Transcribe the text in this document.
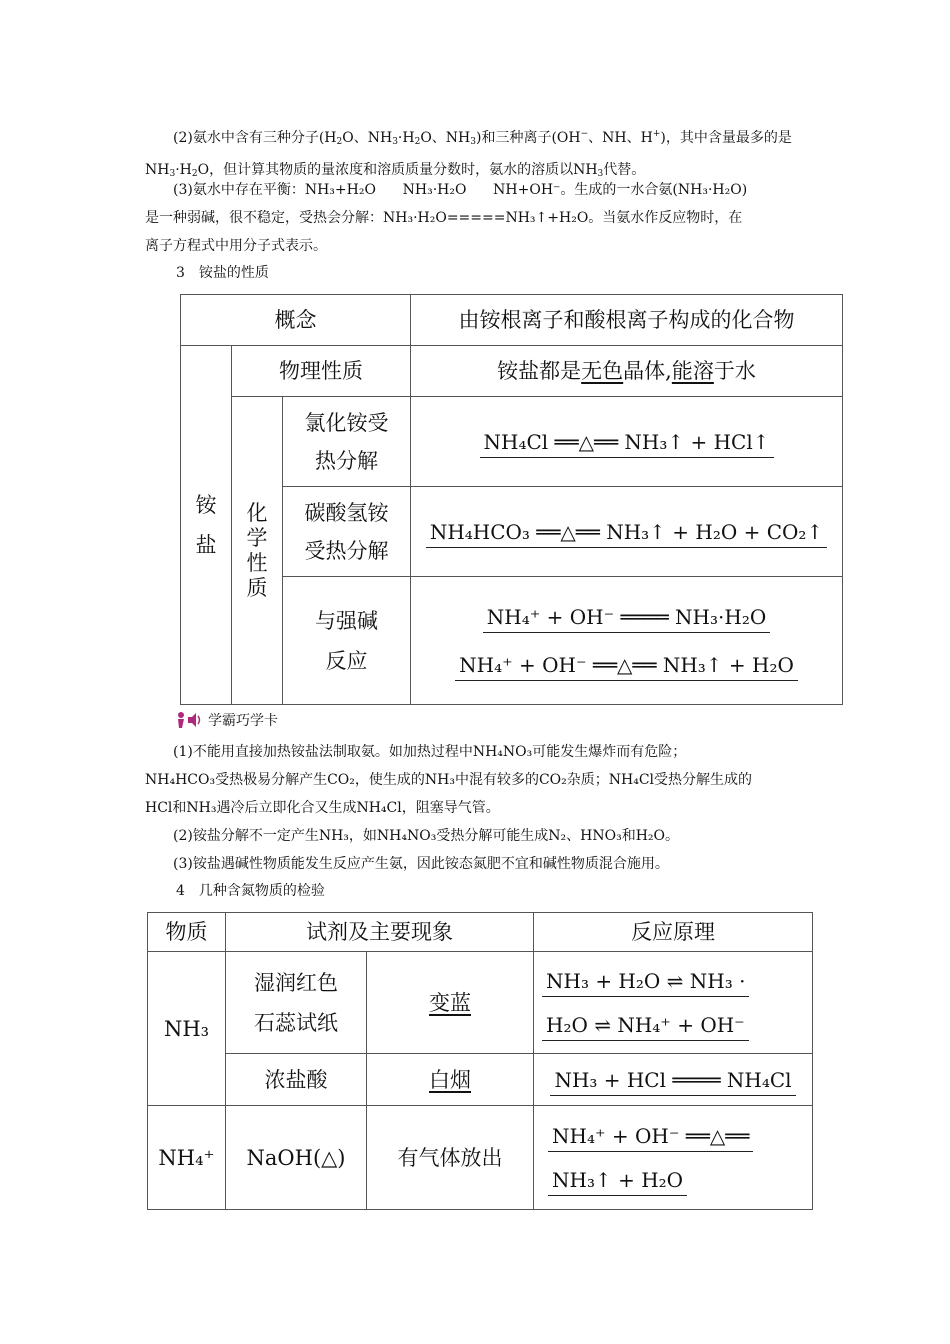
(2)氨水中含有三种分子($H_2O$、$NH_3\cdot H_2O$、$NH_3$)和三种离子(OH−、NH、H+)，其中含量最多的是$NH_3\cdot H_2O$，但计算其物质的量浓度和溶质质量分数时，氨水的溶质以$NH_3$代替。
(3)氨水中存在平衡：NH₃+H₂O      NH₃·H₂O      NH+OH⁻。生成的一水合氨(NH₃·H₂O)
是一种弱碱，很不稳定，受热会分解：NH₃·H₂O=====NH₃↑+H₂O。当氨水作反应物时，在
离子方程式中用分子式表示。
3　铵盐的性质
概念			由铵根离子和酸根离子构成的化合物

铵盐	物理性质		铵盐都是无色晶体,能溶于水

	化学性质	氯化铵受热分解	NH₄Cl ══△══ NH₃↑ + HCl↑

		碳酸氢铵受热分解	NH₄HCO₃ ══△══ NH₃↑ + H₂O + CO₂↑

		与强碱反应	NH₄⁺ + OH⁻ ════ NH₃·H₂O
NH₄⁺ + OH⁻ ══△══ NH₃↑ + H₂O
学霸巧学卡
(1)不能用直接加热铵盐法制取氨。如加热过程中NH₄NO₃可能发生爆炸而有危险；
NH₄HCO₃受热极易分解产生CO₂，使生成的NH₃中混有较多的CO₂杂质；NH₄Cl受热分解生成的
HCl和NH₃遇冷后立即化合又生成NH₄Cl，阻塞导气管。
(2)铵盐分解不一定产生NH₃，如NH₄NO₃受热分解可能生成N₂、HNO₃和H₂O。
(3)铵盐遇碱性物质能发生反应产生氨，因此铵态氮肥不宜和碱性物质混合施用。
4　几种含氮物质的检验
物质	试剂及主要现象		反应原理
NH₃	湿润红色石蕊试纸	变蓝	NH₃ + H₂O ⇌ NH₃ ·
H₂O ⇌ NH₄⁺ + OH⁻

	浓盐酸	白烟	NH₃ + HCl ════ NH₄Cl
NH₄⁺	NaOH(△)	有气体放出	NH₄⁺ + OH⁻ ══△══
NH₃↑ + H₂O
